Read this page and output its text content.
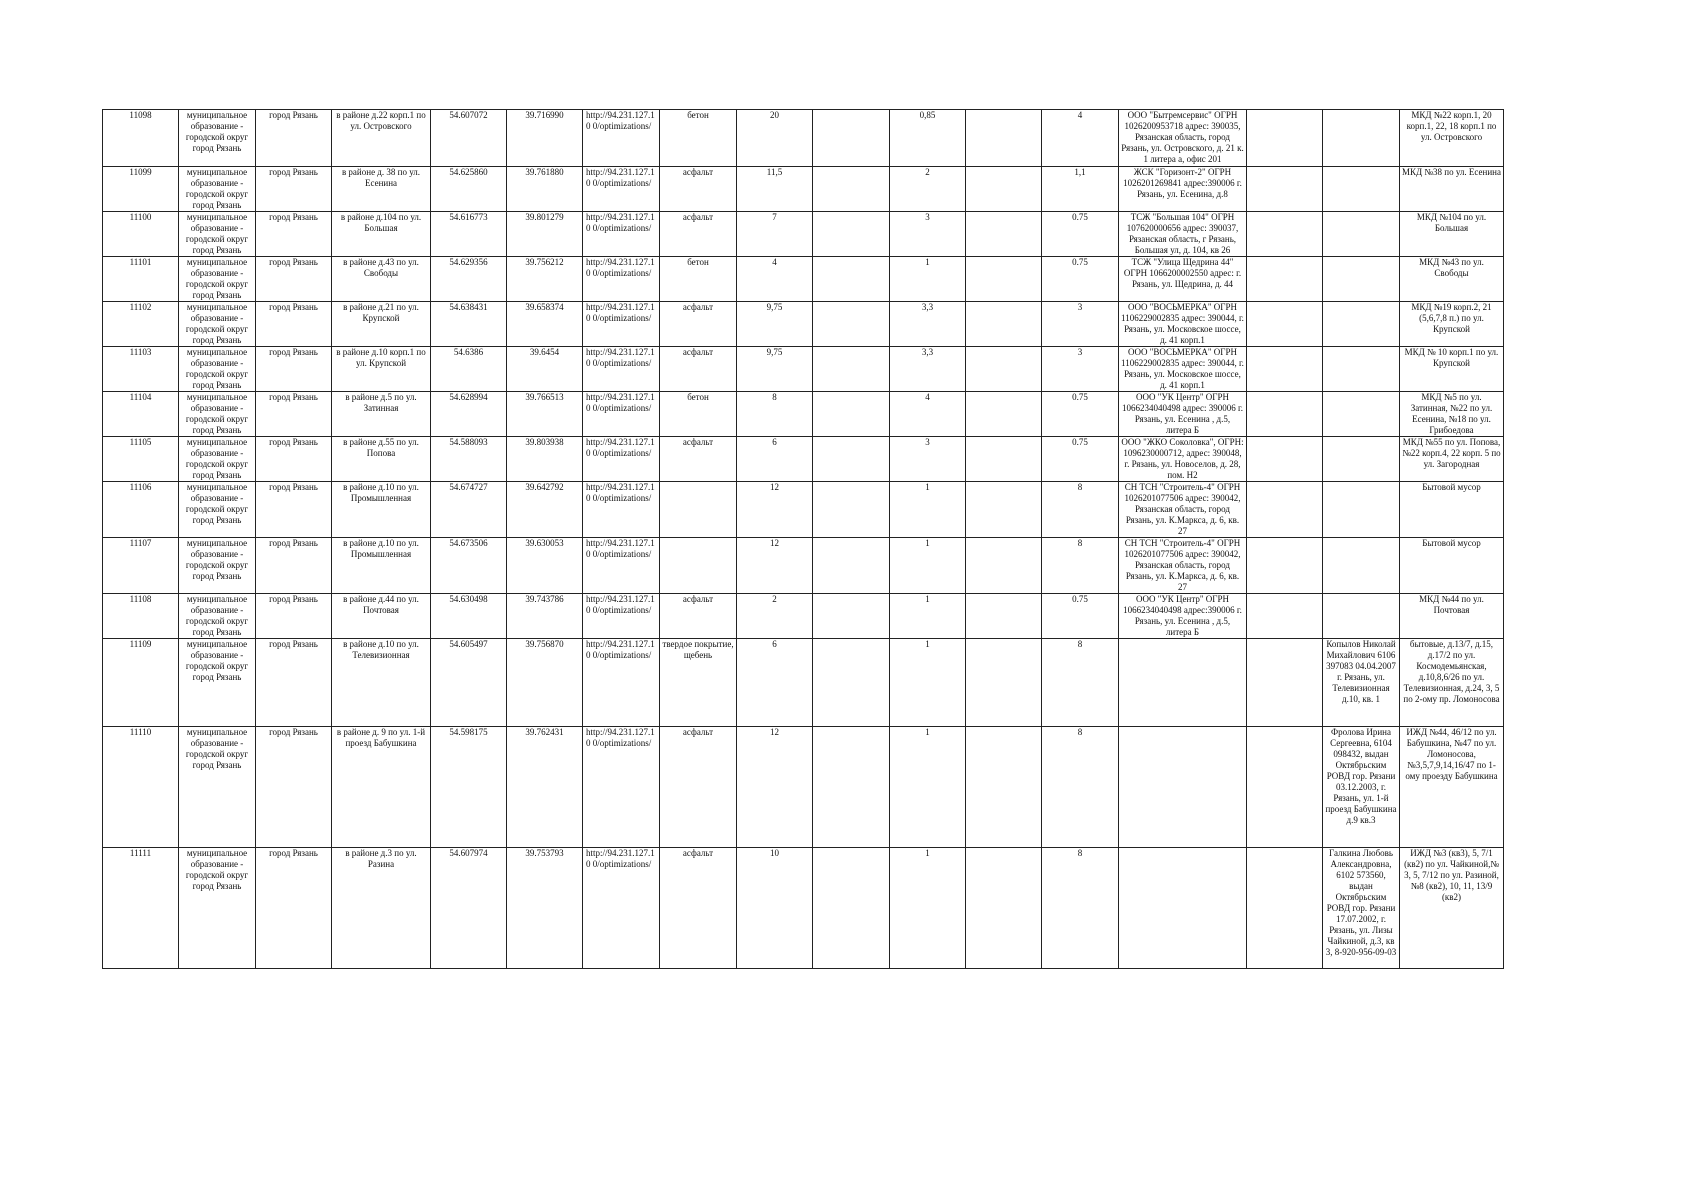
11098	муниципальное образование - городской округ город Рязань	город Рязань	в районе д.22 корп.1 по ул. Островского	54.607072	39.716990	http://94.231.127.10 0/optimizations/	бетон	20		0,85		4	ООО "Бытремсервис" ОГРН 1026200953718 адрес: 390035, Рязанская область, город Рязань, ул. Островского, д. 21 к. 1 литера а, офис 201			МКД №22 корп.1, 20 корп.1, 22, 18 корп.1 по ул. Островского
11099	муниципальное образование - городской округ город Рязань	город Рязань	в районе д. 38 по ул. Есенина	54.625860	39.761880	http://94.231.127.10 0/optimizations/	асфальт	11,5		2		1,1	ЖСК "Горизонт-2" ОГРН 1026201269841 адрес:390006 г. Рязань, ул. Есенина, д.8			МКД №38 по ул. Есенина
11100	муниципальное образование - городской округ город Рязань	город Рязань	в районе д.104 по ул. Большая	54.616773	39.801279	http://94.231.127.10 0/optimizations/	асфальт	7		3		0.75	ТСЖ "Большая 104" ОГРН 107620000656 адрес: 390037, Рязанская область, г Рязань, Большая ул, д. 104, кв 26			МКД №104 по ул. Большая
11101	муниципальное образование - городской округ город Рязань	город Рязань	в районе д.43 по ул. Свободы	54.629356	39.756212	http://94.231.127.10 0/optimizations/	бетон	4		1		0.75	ТСЖ "Улица Щедрина 44" ОГРН 1066200002550 адрес: г. Рязань, ул. Щедрина, д. 44			МКД №43 по ул. Свободы
11102	муниципальное образование - городской округ город Рязань	город Рязань	в районе д.21 по ул. Крупской	54.638431	39.658374	http://94.231.127.10 0/optimizations/	асфальт	9,75		3,3		3	ООО "ВОСЬМЕРКА" ОГРН 1106229002835 адрес: 390044, г. Рязань, ул. Московское шоссе, д. 41 корп.1			МКД №19 корп.2, 21 (5,6,7,8 п.) по ул. Крупской
11103	муниципальное образование - городской округ город Рязань	город Рязань	в районе д.10 корп.1 по ул. Крупской	54.6386	39.6454	http://94.231.127.10 0/optimizations/	асфальт	9,75		3,3		3	ООО "ВОСЬМЕРКА" ОГРН 1106229002835 адрес: 390044, г. Рязань, ул. Московское шоссе, д. 41 корп.1			МКД № 10 корп.1 по ул. Крупской
11104	муниципальное образование - городской округ город Рязань	город Рязань	в районе д.5 по ул. Затинная	54.628994	39.766513	http://94.231.127.10 0/optimizations/	бетон	8		4		0.75	ООО "УК Центр" ОГРН 1066234040498 адрес: 390006 г. Рязань, ул. Есенина , д.5, литера Б			МКД №5 по ул. Затинная, №22 по ул. Есенина, №18 по ул. Грибоедова
11105	муниципальное образование - городской округ город Рязань	город Рязань	в районе д.55 по ул. Попова	54.588093	39.803938	http://94.231.127.10 0/optimizations/	асфальт	6		3		0.75	ООО "ЖКО Соколовка", ОГРН: 1096230000712, адрес: 390048, г. Рязань, ул. Новоселов, д. 28, пом. Н2			МКД №55 по ул. Попова, №22 корп.4, 22 корп. 5 по ул. Загородная
11106	муниципальное образование - городской округ город Рязань	город Рязань	в районе д.10 по ул. Промышленная	54.674727	39.642792	http://94.231.127.10 0/optimizations/		12		1		8	СН ТСН "Строитель-4" ОГРН 1026201077506 адрес: 390042, Рязанская область, город Рязань, ул. К.Маркса, д. 6, кв. 27			Бытовой мусор
11107	муниципальное образование - городской округ город Рязань	город Рязань	в районе д.10 по ул. Промышленная	54.673506	39.630053	http://94.231.127.10 0/optimizations/		12		1		8	СН ТСН "Строитель-4" ОГРН 1026201077506 адрес: 390042, Рязанская область, город Рязань, ул. К.Маркса, д. 6, кв. 27			Бытовой мусор
11108	муниципальное образование - городской округ город Рязань	город Рязань	в районе д.44 по ул. Почтовая	54.630498	39.743786	http://94.231.127.10 0/optimizations/	асфальт	2		1		0.75	ООО "УК Центр" ОГРН 1066234040498 адрес:390006 г. Рязань, ул. Есенина , д.5, литера Б			МКД №44 по ул. Почтовая
11109	муниципальное образование - городской округ город Рязань	город Рязань	в районе д.10 по ул. Телевизионная	54.605497	39.756870	http://94.231.127.10 0/optimizations/	твердое покрытие, щебень	6		1		8			Копылов Николай Михайлович 6106 397083 04.04.2007 г. Рязань, ул. Телевизионная д.10, кв. 1	бытовые, д.13/7, д.15, д.17/2 по ул. Космодемьянская, д.10,8,6/26 по ул. Телевизионная, д.24, 3, 5 по 2-ому пр. Ломоносова
11110	муниципальное образование - городской округ город Рязань	город Рязань	в районе д. 9 по ул. 1-й проезд Бабушкина	54.598175	39.762431	http://94.231.127.10 0/optimizations/	асфальт	12		1		8			Фролова Ирина Сергеевна, 6104 098432, выдан Октябрьским РОВД гор. Рязани 03.12.2003, г. Рязань, ул. 1-й проезд Бабушкина д.9 кв.3	ИЖД №44, 46/12 по ул. Бабушкина, №47 по ул. Ломоносова, №3,5,7,9,14,16/47 по 1-ому проезду Бабушкина
11111	муниципальное образование - городской округ город Рязань	город Рязань	в районе д.3 по ул. Разина	54.607974	39.753793	http://94.231.127.10 0/optimizations/	асфальт	10		1		8			Галкина Любовь Александровна, 6102 573560, выдан Октябрьским РОВД гор. Рязани 17.07.2002, г. Рязань, ул. Лизы Чайкиной, д.3, кв 3, 8-920-956-09-03	ИЖД №3 (кв3), 5, 7/1 (кв2) по ул. Чайкиной,№ 3, 5, 7/12 по ул. Разиной, №8 (кв2), 10, 11, 13/9 (кв2)
